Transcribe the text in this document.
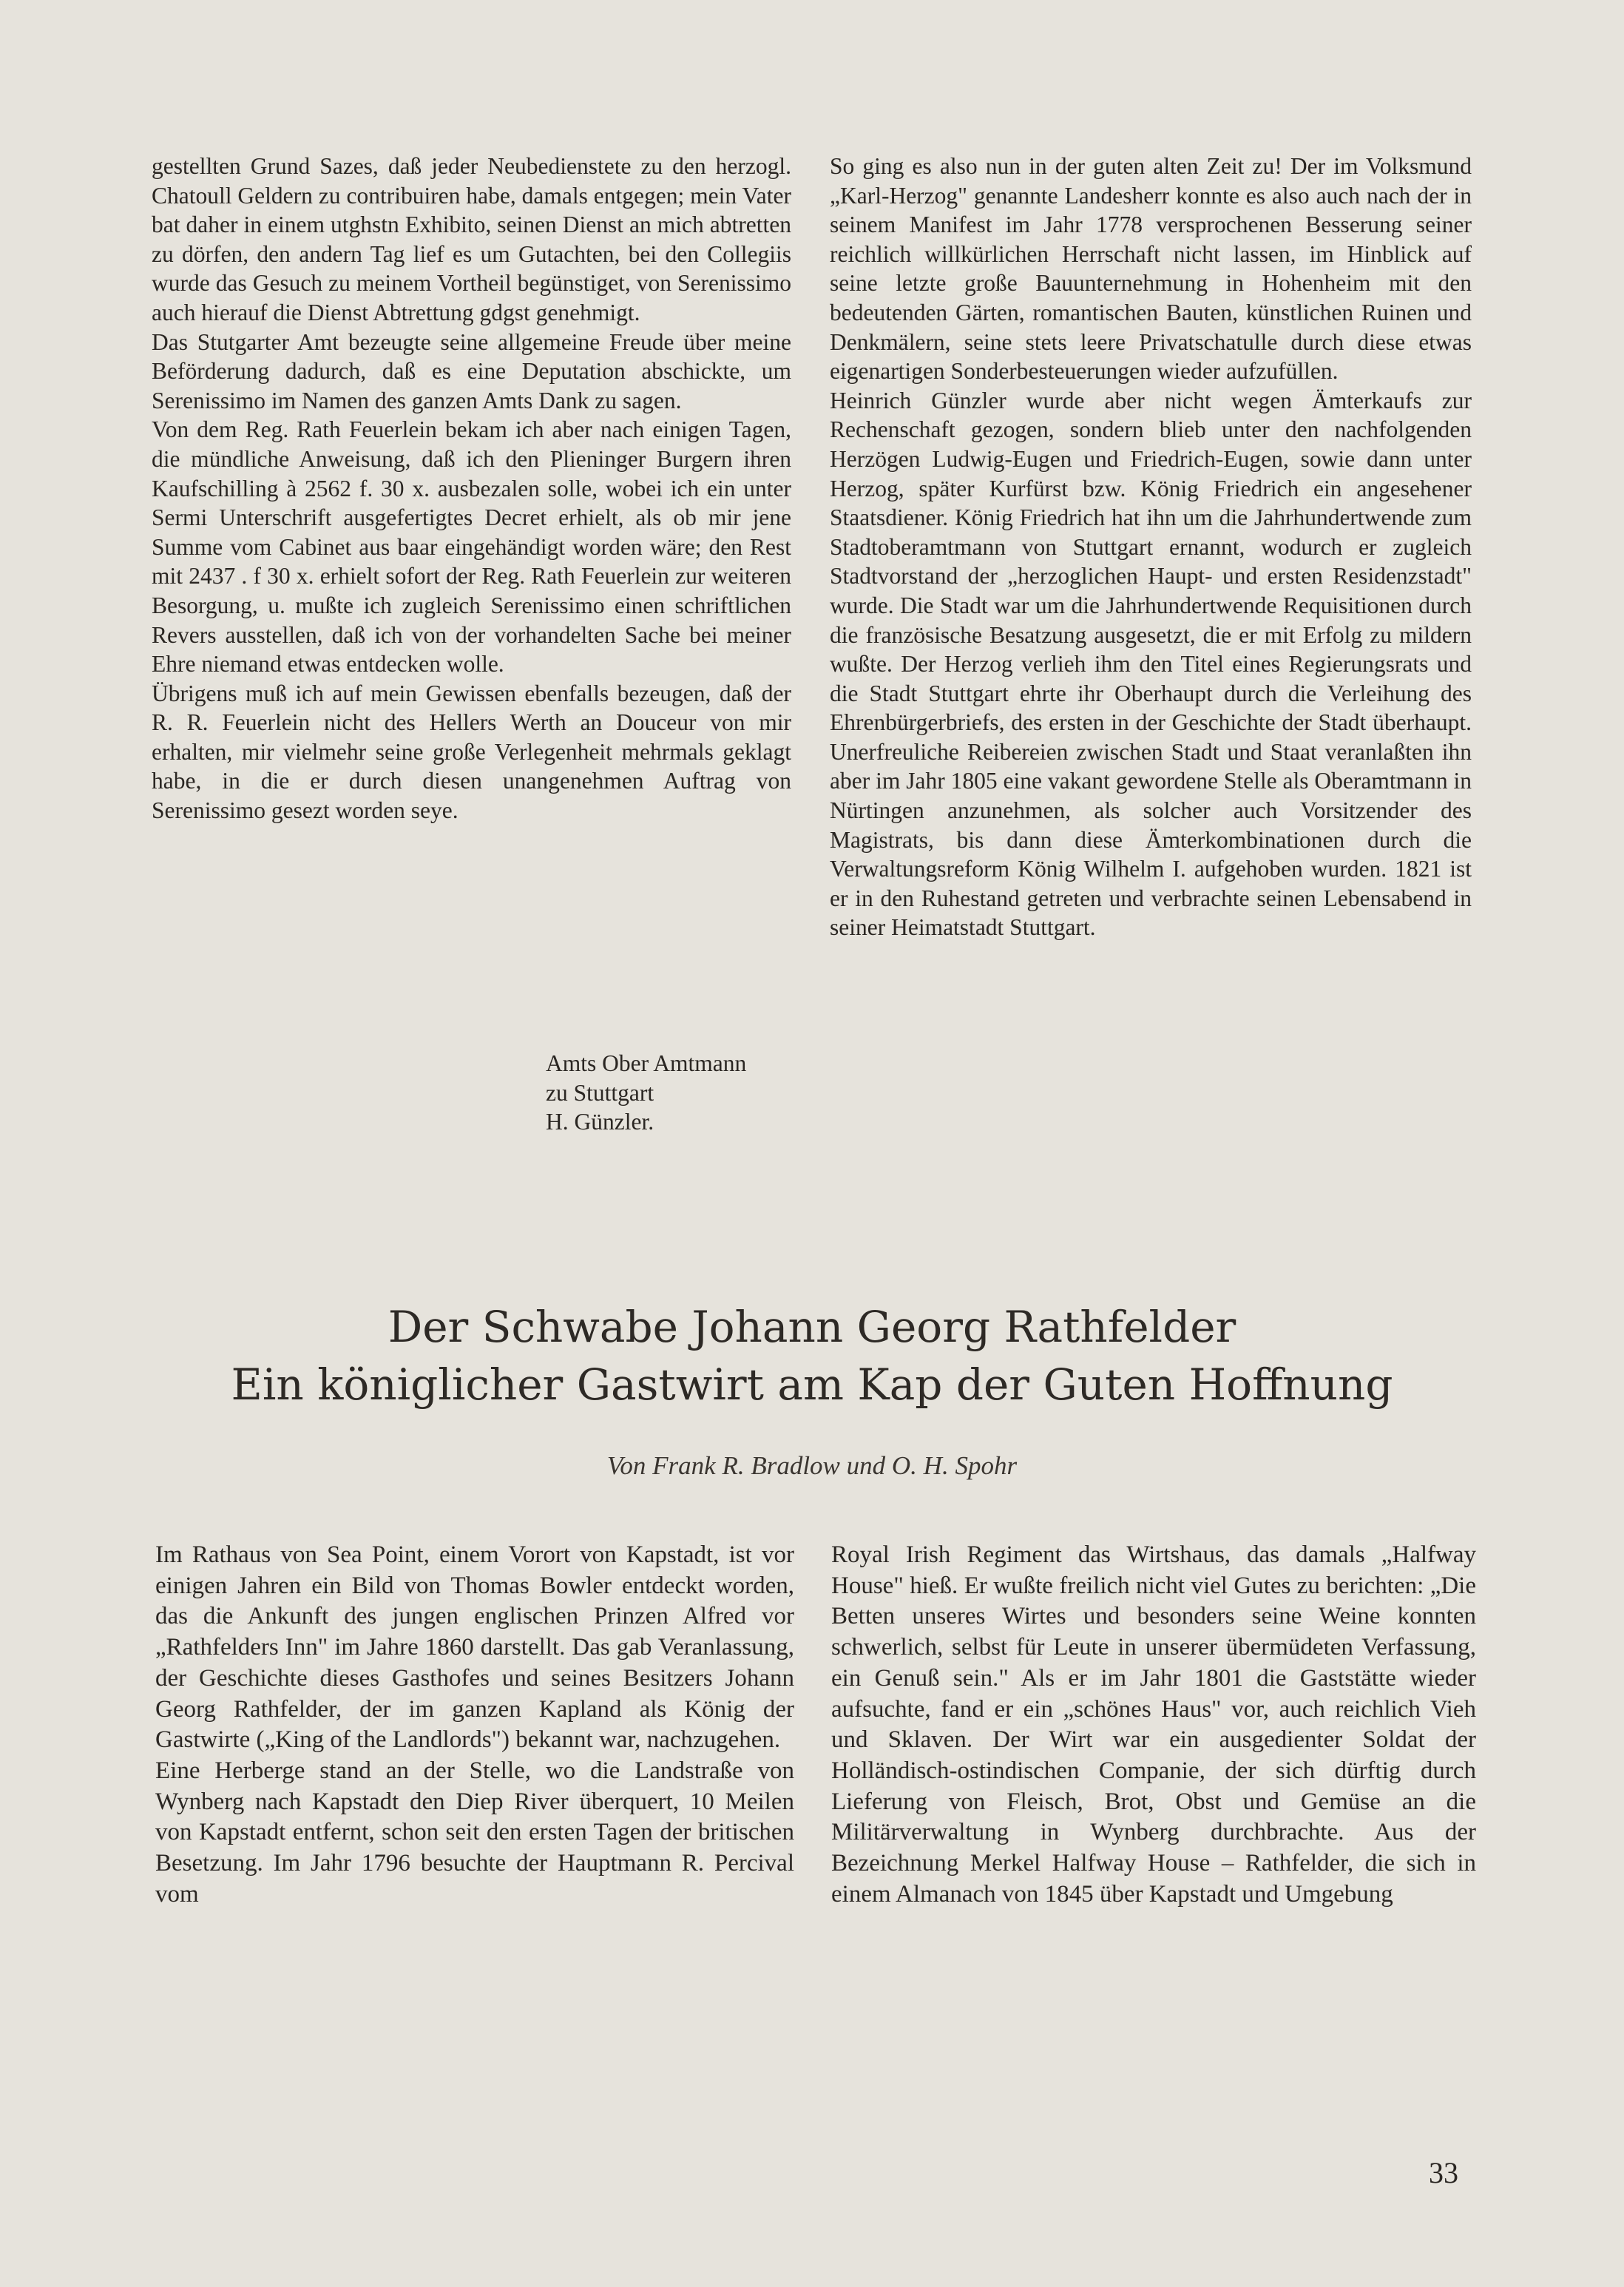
gestellten Grund Sazes, daß jeder Neubedienstete zu den herzogl. Chatoull Geldern zu contribuiren habe, damals entgegen; mein Vater bat daher in einem utghstn Exhibito, seinen Dienst an mich abtretten zu dörfen, den andern Tag lief es um Gutachten, bei den Collegiis wurde das Gesuch zu meinem Vortheil begünstiget, von Serenissimo auch hierauf die Dienst Abtrettung gdgst genehmigt.

Das Stutgarter Amt bezeugte seine allgemeine Freude über meine Beförderung dadurch, daß es eine Deputation abschickte, um Serenissimo im Namen des ganzen Amts Dank zu sagen.

Von dem Reg. Rath Feuerlein bekam ich aber nach einigen Tagen, die mündliche Anweisung, daß ich den Plieninger Burgern ihren Kaufschilling à 2562 f. 30 x. ausbezalen solle, wobei ich ein unter Sermi Unterschrift ausgefertigtes Decret erhielt, als ob mir jene Summe vom Cabinet aus baar eingehändigt worden wäre; den Rest mit 2437 . f 30 x. erhielt sofort der Reg. Rath Feuerlein zur weiteren Besorgung, u. mußte ich zugleich Serenissimo einen schriftlichen Revers ausstellen, daß ich von der vorhandelten Sache bei meiner Ehre niemand etwas entdecken wolle.

Übrigens muß ich auf mein Gewissen ebenfalls bezeugen, daß der R. R. Feuerlein nicht des Hellers Werth an Douceur von mir erhalten, mir vielmehr seine große Verlegenheit mehrmals geklagt habe, in die er durch diesen unangenehmen Auftrag von Serenissimo gesezt worden seye.

Amts Ober Amtmann
zu Stuttgart
H. Günzler.

So ging es also nun in der guten alten Zeit zu! Der im Volksmund „Karl-Herzog" genannte Landesherr konnte es also auch nach der in seinem Manifest im Jahr 1778 versprochenen Besserung seiner reichlich willkürlichen Herrschaft nicht lassen, im Hinblick auf seine letzte große Bauunternehmung in Hohenheim mit den bedeutenden Gärten, romantischen Bauten, künstlichen Ruinen und Denkmälern, seine stets leere Privatschatulle durch diese etwas eigenartigen Sonderbesteuerungen wieder aufzufüllen.

Heinrich Günzler wurde aber nicht wegen Ämterkaufs zur Rechenschaft gezogen, sondern blieb unter den nachfolgenden Herzögen Ludwig-Eugen und Friedrich-Eugen, sowie dann unter Herzog, später Kurfürst bzw. König Friedrich ein angesehener Staatsdiener. König Friedrich hat ihn um die Jahrhundertwende zum Stadtoberamtmann von Stuttgart ernannt, wodurch er zugleich Stadtvorstand der „herzoglichen Haupt- und ersten Residenzstadt" wurde. Die Stadt war um die Jahrhundertwende Requisitionen durch die französische Besatzung ausgesetzt, die er mit Erfolg zu mildern wußte. Der Herzog verlieh ihm den Titel eines Regierungsrats und die Stadt Stuttgart ehrte ihr Oberhaupt durch die Verleihung des Ehrenbürgerbriefs, des ersten in der Geschichte der Stadt überhaupt. Unerfreuliche Reibereien zwischen Stadt und Staat veranlaßten ihn aber im Jahr 1805 eine vakant gewordene Stelle als Oberamtmann in Nürtingen anzunehmen, als solcher auch Vorsitzender des Magistrats, bis dann diese Ämterkombinationen durch die Verwaltungsreform König Wilhelm I. aufgehoben wurden. 1821 ist er in den Ruhestand getreten und verbrachte seinen Lebensabend in seiner Heimatstadt Stuttgart.

Der Schwabe Johann Georg Rathfelder
Ein königlicher Gastwirt am Kap der Guten Hoffnung
Von Frank R. Bradlow und O. H. Spohr

Im Rathaus von Sea Point, einem Vorort von Kapstadt, ist vor einigen Jahren ein Bild von Thomas Bowler entdeckt worden, das die Ankunft des jungen englischen Prinzen Alfred vor „Rathfelders Inn" im Jahre 1860 darstellt. Das gab Veranlassung, der Geschichte dieses Gasthofes und seines Besitzers Johann Georg Rathfelder, der im ganzen Kapland als König der Gastwirte („King of the Landlords") bekannt war, nachzugehen.

Eine Herberge stand an der Stelle, wo die Landstraße von Wynberg nach Kapstadt den Diep River überquert, 10 Meilen von Kapstadt entfernt, schon seit den ersten Tagen der britischen Besetzung. Im Jahr 1796 besuchte der Hauptmann R. Percival vom

Royal Irish Regiment das Wirtshaus, das damals „Halfway House" hieß. Er wußte freilich nicht viel Gutes zu berichten: „Die Betten unseres Wirtes und besonders seine Weine konnten schwerlich, selbst für Leute in unserer übermüdeten Verfassung, ein Genuß sein." Als er im Jahr 1801 die Gaststätte wieder aufsuchte, fand er ein „schönes Haus" vor, auch reichlich Vieh und Sklaven. Der Wirt war ein ausgedienter Soldat der Holländisch-ostindischen Companie, der sich dürftig durch Lieferung von Fleisch, Brot, Obst und Gemüse an die Militärverwaltung in Wynberg durchbrachte. Aus der Bezeichnung Merkel Halfway House – Rathfelder, die sich in einem Almanach von 1845 über Kapstadt und Umgebung

33
